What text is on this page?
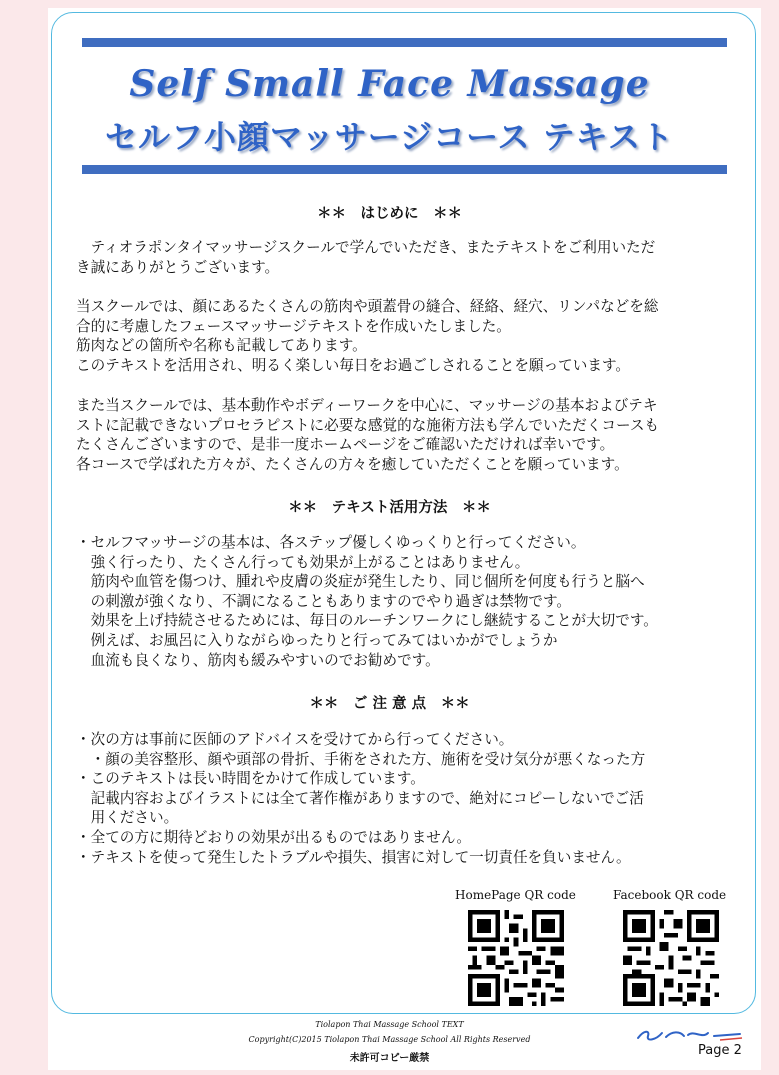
Self Small Face Massage
セルフ小顔マッサージコース テキスト
＊＊　はじめに　＊＊
　ティオラポンタイマッサージスクールで学んでいただき、またテキストをご利用いただ
き誠にありがとうございます。
当スクールでは、顔にあるたくさんの筋肉や頭蓋骨の縫合、経絡、経穴、リンパなどを総
合的に考慮したフェースマッサージテキストを作成いたしました。
筋肉などの箇所や名称も記載してあります。
このテキストを活用され、明るく楽しい毎日をお過ごしされることを願っています。
また当スクールでは、基本動作やボディーワークを中心に、マッサージの基本およびテキ
ストに記載できないプロセラピストに必要な感覚的な施術方法も学んでいただくコースも
たくさんございますので、是非一度ホームページをご確認いただければ幸いです。
各コースで学ばれた方々が、たくさんの方々を癒していただくことを願っています。
＊＊　テキスト活用方法　＊＊
・セルフマッサージの基本は、各ステップ優しくゆっくりと行ってください。
　強く行ったり、たくさん行っても効果が上がることはありません。
　筋肉や血管を傷つけ、腫れや皮膚の炎症が発生したり、同じ個所を何度も行うと脳へ
　の刺激が強くなり、不調になることもありますのでやり過ぎは禁物です。
　効果を上げ持続させるためには、毎日のルーチンワークにし継続することが大切です。
　例えば、お風呂に入りながらゆったりと行ってみてはいかがでしょうか
　血流も良くなり、筋肉も緩みやすいのでお勧めです。
＊＊　ご 注 意 点　＊＊
・次の方は事前に医師のアドバイスを受けてから行ってください。
　・顔の美容整形、顔や頭部の骨折、手術をされた方、施術を受け気分が悪くなった方
・このテキストは長い時間をかけて作成しています。
　記載内容およびイラストには全て著作権がありますので、絶対にコピーしないでご活
　用ください。
・全ての方に期待どおりの効果が出るものではありません。
・テキストを使って発生したトラブルや損失、損害に対して一切責任を負いません。
HomePage QR code	Facebook QR code
Tiolapon Thai Massage School TEXT
Copyright(C)2015 Tiolapon Thai Massage School All Rights Reserved
未許可コピー厳禁
Page 2
